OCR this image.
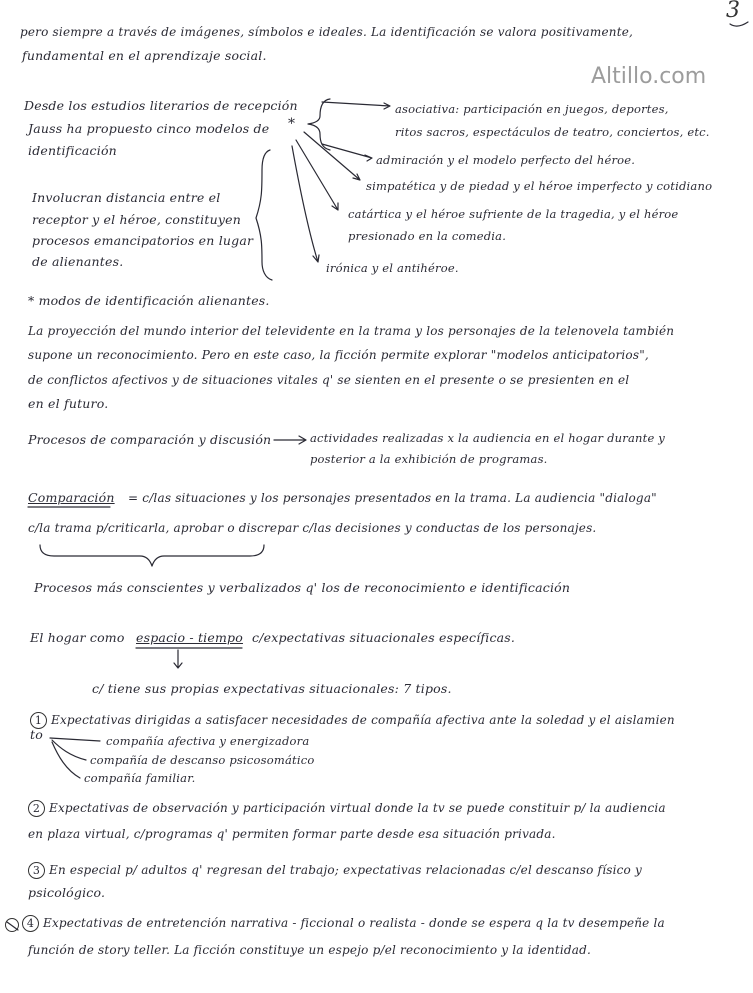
3
Altillo.com
pero siempre a través de imágenes, símbolos e ideales. La identificación se valora positivamente,
fundamental en el aprendizaje social.
Desde los estudios literarios de recepción
Jauss ha propuesto cinco modelos de
identificación
*
Involucran distancia entre el
receptor y el héroe, constituyen
procesos emancipatorios en lugar
de alienantes.
asociativa: participación en juegos, deportes,
ritos sacros, espectáculos de teatro, conciertos, etc.
admiración y el modelo perfecto del héroe.
simpatética y de piedad y el héroe imperfecto y cotidiano
catártica y el héroe sufriente de la tragedia, y el héroe
presionado en la comedia.
irónica y el antihéroe.
* modos de identificación alienantes.
La proyección del mundo interior del televidente en la trama y los personajes de la telenovela también
supone un reconocimiento. Pero en este caso, la ficción permite explorar "modelos anticipatorios",
de conflictos afectivos y de situaciones vitales q' se sienten en el presente o se presienten en el
en el futuro.
Procesos de comparación y discusión	actividades realizadas x la audiencia en el hogar durante y
posterior a la exhibición de programas.
Comparación = c/las situaciones y los personajes presentados en la trama. La audiencia "dialoga"
c/la trama p/criticarla, aprobar o discrepar c/las decisiones y conductas de los personajes.
Procesos más conscientes y verbalizados q' los de reconocimiento e identificación
El hogar como espacio - tiempo c/expectativas situacionales específicas.
c/ tiene sus propias expectativas situacionales: 7 tipos.
1 Expectativas dirigidas a satisfacer necesidades de compañía afectiva ante la soledad y el aislamien
to	compañía afectiva y energizadora
compañía de descanso psicosomático
compañía familiar.
2 Expectativas de observación y participación virtual donde la tv se puede constituir p/ la audiencia
en plaza virtual, c/programas q' permiten formar parte desde esa situación privada.
3 En especial p/ adultos q' regresan del trabajo; expectativas relacionadas c/el descanso físico y
psicológico.
4 Expectativas de entretención narrativa - ficcional o realista - donde se espera q la tv desempeñe la
función de story teller. La ficción constituye un espejo p/el reconocimiento y la identidad.
